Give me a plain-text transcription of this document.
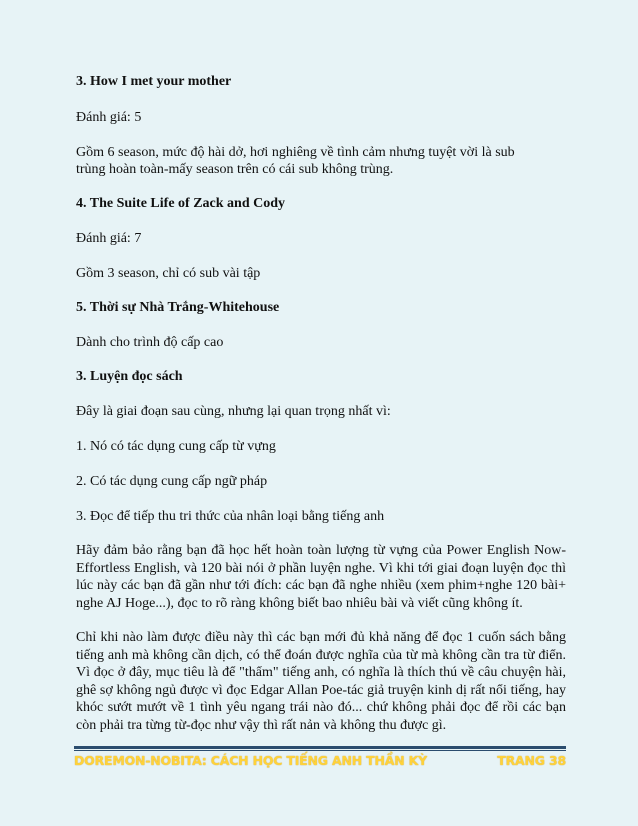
3. How I met your mother
Đánh giá: 5
Gồm 6 season, mức độ hài dở, hơi nghiêng về tình cảm nhưng tuyệt vời là sub
trùng hoàn toàn-mấy season trên có cái sub không trùng.
4. The Suite Life of Zack and Cody
Đánh giá: 7
Gồm 3 season, chỉ có sub vài tập
5. Thời sự Nhà Trắng-Whitehouse
Dành cho trình độ cấp cao
3. Luyện đọc sách
Đây là giai đoạn sau cùng, nhưng lại quan trọng nhất vì:
1. Nó có tác dụng cung cấp từ vựng
2. Có tác dụng cung cấp ngữ pháp
3. Đọc để tiếp thu tri thức của nhân loại bằng tiếng anh
Hãy đảm bảo rằng bạn đã học hết hoàn toàn lượng từ vựng của Power English Now-Effortless English, và 120 bài nói ở phần luyện nghe. Vì khi tới giai đoạn luyện đọc thì lúc này các bạn đã gần như tới đích: các bạn đã nghe nhiều (xem phim+nghe 120 bài+ nghe AJ Hoge...), đọc to rõ ràng không biết bao nhiêu bài và viết cũng không ít.
Chỉ khi nào làm được điều này thì các bạn mới đủ khả năng để đọc 1 cuốn sách bằng tiếng anh mà không cần dịch, có thể đoán được nghĩa của từ mà không cần tra từ điển. Vì đọc ở đây, mục tiêu là để "thẩm" tiếng anh, có nghĩa là thích thú về câu chuyện hài, ghê sợ không ngủ được vì đọc Edgar Allan Poe-tác giả truyện kinh dị rất nổi tiếng, hay khóc sướt mướt về 1 tình yêu ngang trái nào đó... chứ không phải đọc để rồi các bạn còn phải tra từng từ-đọc như vậy thì rất nản và không thu được gì.
DOREMON-NOBITA: CÁCH HỌC TIẾNG ANH THẦN KỲ	TRANG 38
